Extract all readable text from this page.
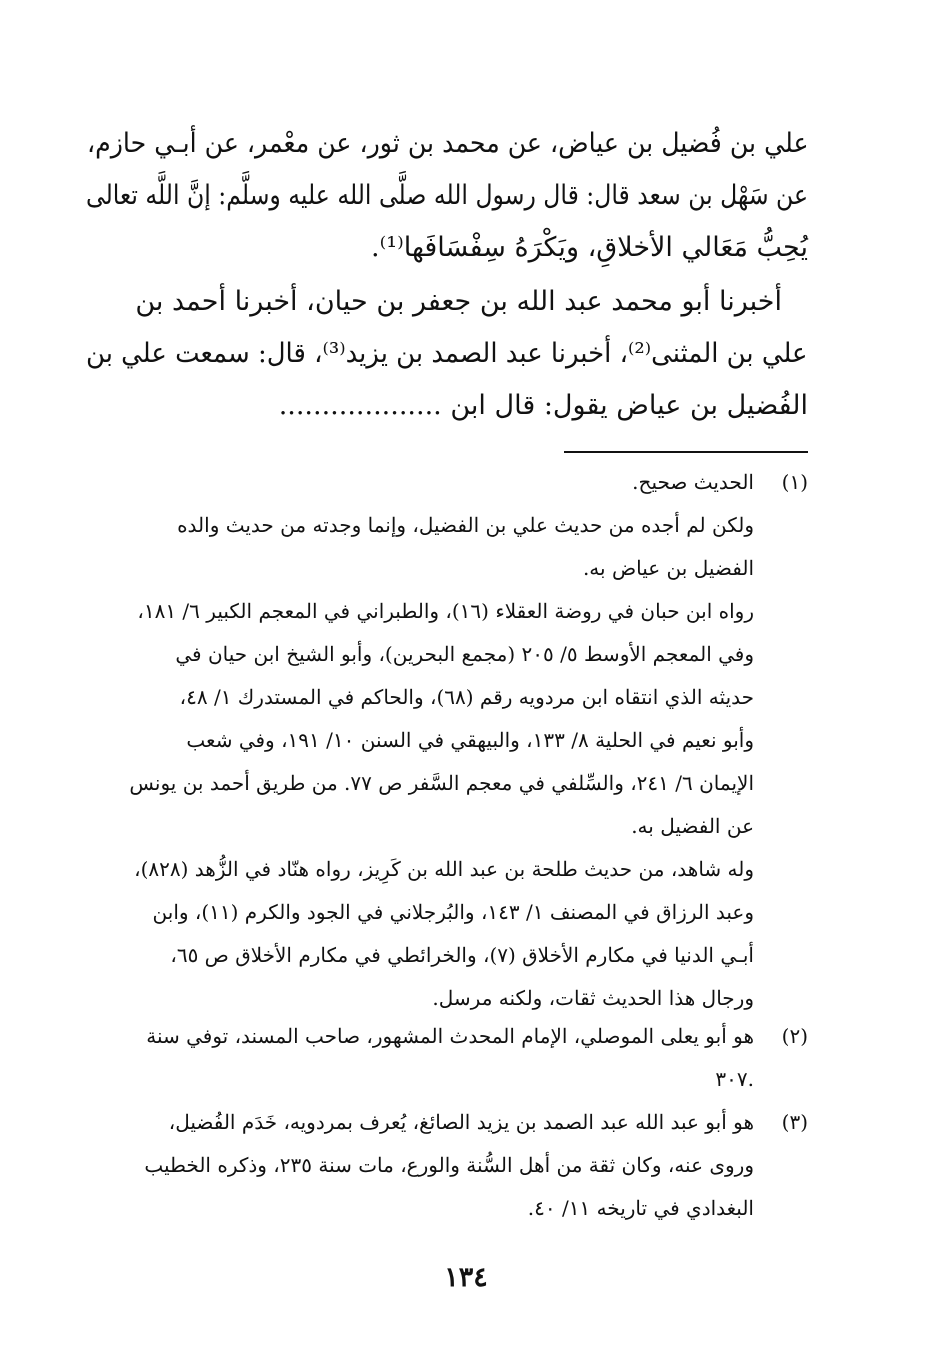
علي بن فُضيل بن عياض، عن محمد بن ثور، عن معْمر، عن أبـي حازم،
عن سَهْل بن سعد قال: قال رسول الله صلَّى الله عليه وسلَّم: إنَّ اللَّه تعالى
يُحِبُّ مَعَالي الأخلاقِ، ويَكْرَهُ سِفْسَافَها⁽¹⁾.
أخبرنا أبو محمد عبد الله بن جعفر بن حيان، أخبرنا أحمد بن
علي بن المثنى⁽²⁾، أخبرنا عبد الصمد بن يزيد⁽³⁾، قال: سمعت علي بن
الفُضيل بن عياض يقول: قال ابن ...................
(١)
الحديث صحيح.
ولكن لم أجده من حديث علي بن الفضيل، وإنما وجدته من حديث والده
الفضيل بن عياض به.
رواه ابن حبان في روضة العقلاء (١٦)، والطبراني في المعجم الكبير ٦/ ١٨١،
وفي المعجم الأوسط ٥/ ٢٠٥ (مجمع البحرين)، وأبو الشيخ ابن حيان في
حديثه الذي انتقاه ابن مردويه رقم (٦٨)، والحاكم في المستدرك ١/ ٤٨،
وأبو نعيم في الحلية ٨/ ١٣٣، والبيهقي في السنن ١٠/ ١٩١، وفي شعب
الإيمان ٦/ ٢٤١، والسِّلفي في معجم السَّفر ص ٧٧. من طريق أحمد بن يونس
عن الفضيل به.
وله شاهد، من حديث طلحة بن عبد الله بن كَرِيز، رواه هنّاد في الزُّهد (٨٢٨)،
وعبد الرزاق في المصنف ١/ ١٤٣، والبُرجلاني في الجود والكرم (١١)، وابن
أبـي الدنيا في مكارم الأخلاق (٧)، والخرائطي في مكارم الأخلاق ص ٦٥،
ورجال هذا الحديث ثقات، ولكنه مرسل.
(٢)
هو أبو يعلى الموصلي، الإمام المحدث المشهور، صاحب المسند، توفي سنة
٣٠٧.
(٣)
هو أبو عبد الله عبد الصمد بن يزيد الصائغ، يُعرف بمردويه، خَدَم الفُضيل،
وروى عنه، وكان ثقة من أهل السُّنة والورع، مات سنة ٢٣٥، وذكره الخطيب
البغدادي في تاريخه ١١/ ٤٠.
١٣٤
